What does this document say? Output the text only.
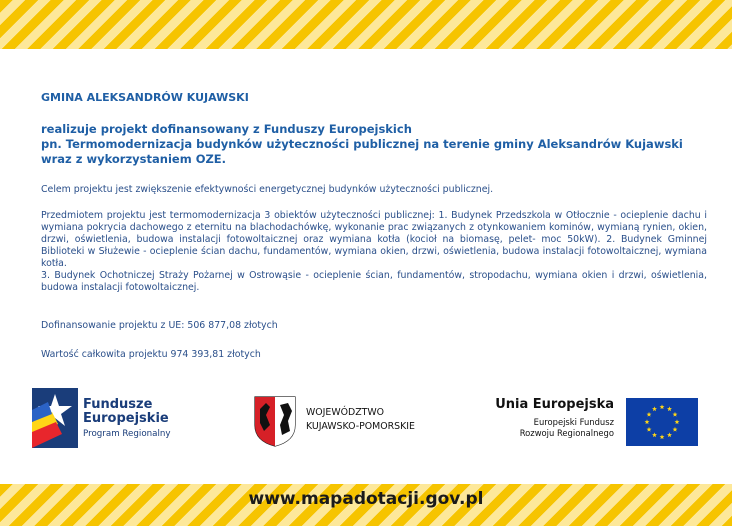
GMINA ALEKSANDRÓW KUJAWSKI

realizuje projekt dofinansowany z Funduszy Europejskich
pn. Termomodernizacja budynków użyteczności publicznej na terenie gminy Aleksandrów Kujawski
wraz z wykorzystaniem OZE.

Celem projektu jest zwiększenie efektywności energetycznej budynków użyteczności publicznej.

Przedmiotem projektu jest termomodernizacja 3 obiektów użyteczności publicznej: 1. Budynek Przedszkola w Otłocznie - ocieplenie dachu i wymiana pokrycia dachowego z eternitu na blachodachówkę, wykonanie prac związanych z otynkowaniem kominów, wymianą rynien, okien, drzwi, oświetlenia, budowa instalacji fotowoltaicznej oraz wymiana kotła (kocioł na biomasę, pelet- moc 50kW). 2. Budynek Gminnej Biblioteki w Służewie - ocieplenie ścian dachu, fundamentów, wymiana okien, drzwi, oświetlenia, budowa instalacji fotowoltaicznej, wymiana kotła.
3. Budynek Ochotniczej Straży Pożarnej w Ostrowąsie - ocieplenie ścian, fundamentów, stropodachu, wymiana okien i drzwi, oświetlenia, budowa instalacji fotowoltaicznej.

Dofinansowanie projektu z UE: 506 877,08 złotych

Wartość całkowita projektu 974 393,81 złotych

Fundusze
Europejskie
Program Regionalny
WOJEWÓDZTWO
KUJAWSKO-POMORSKIE
Unia Europejska
Europejski Fundusz
Rozwoju Regionalnego
www.mapadotacji.gov.pl
